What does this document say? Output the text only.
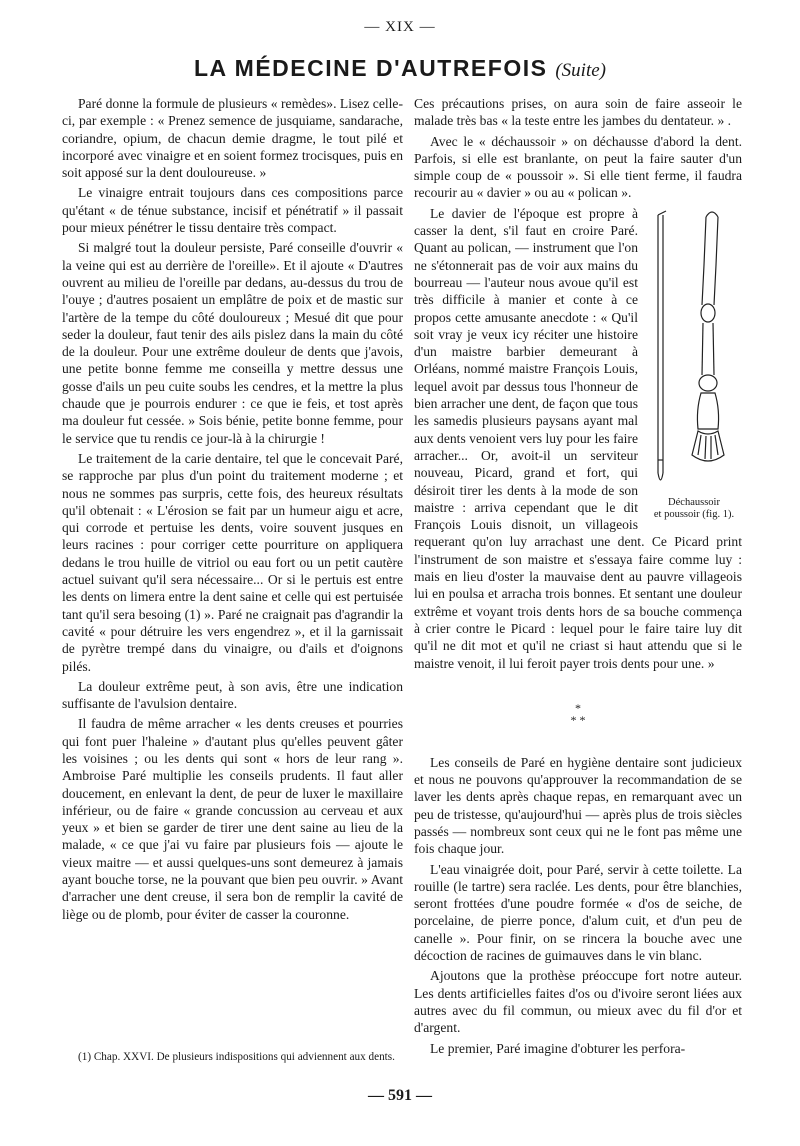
— XIX —
LA MÉDECINE D'AUTREFOIS (Suite)

Paré donne la formule de plusieurs « remèdes». Lisez celle-ci, par exemple : « Prenez semence de jusquiame, sandarache, coriandre, opium, de chacun demie dragme, le tout pilé et incorporé avec vinaigre et en soient formez trocisques, puis en soit apposé sur la dent douloureuse. »

Le vinaigre entrait toujours dans ces compositions parce qu'étant « de ténue substance, incisif et pénétratif » il passait pour mieux pénétrer le tissu dentaire très compact.

Si malgré tout la douleur persiste, Paré conseille d'ouvrir « la veine qui est au derrière de l'oreille». Et il ajoute « D'autres ouvrent au milieu de l'oreille par dedans, au-dessus du trou de l'ouye ; d'autres posaient un emplâtre de poix et de mastic sur l'artère de la tempe du côté douloureux ; Mesué dit que pour seder la douleur, faut tenir des ails pislez dans la main du côté de la douleur. Pour une extrême douleur de dents que j'avois, une petite bonne femme me conseilla y mettre dessus une gosse d'ails un peu cuite soubs les cendres, et la mettre la plus chaude que je pourrois endurer : ce que ie feis, et tost après ma douleur fut cessée. » Sois bénie, petite bonne femme, pour le service que tu rendis ce jour-là à la chirurgie !

Le traitement de la carie dentaire, tel que le concevait Paré, se rapproche par plus d'un point du traitement moderne ; et nous ne sommes pas surpris, cette fois, des heureux résultats qu'il obtenait : « L'érosion se fait par un humeur aigu et acre, qui corrode et pertuise les dents, voire souvent jusques en leurs racines : pour corriger cette pourriture on appliquera dedans le trou huille de vitriol ou eau fort ou un petit cautère actuel suivant qu'il sera nécessaire... Or si le pertuis est entre les dents on limera entre la dent saine et celle qui est pertuisée tant qu'il sera besoing (1) ». Paré ne craignait pas d'agrandir la cavité « pour détruire les vers engendrez », et il la garnissait de pyrètre trempé dans du vinaigre, ou d'ails et d'oignons pilés.

La douleur extrême peut, à son avis, être une indication suffisante de l'avulsion dentaire.

Il faudra de même arracher « les dents creuses et pourries qui font puer l'haleine » d'autant plus qu'elles peuvent gâter les voisines ; ou les dents qui sont « hors de leur rang ». Ambroise Paré multiplie les conseils prudents. Il faut aller doucement, en enlevant la dent, de peur de luxer le maxillaire inférieur, ou de faire « grande concussion au cerveau et aux yeux » et bien se garder de tirer une dent saine au lieu de la malade, « ce que j'ai vu faire par plusieurs fois — ajoute le vieux maitre — et aussi quelques-uns sont demeurez à jamais ayant bouche torse, ne la pouvant que bien peu ouvrir. » Avant d'arracher une dent creuse, il sera bon de remplir la cavité de liège ou de plomb, pour éviter de casser la couronne.

Ces précautions prises, on aura soin de faire asseoir le malade très bas « la teste entre les jambes du dentateur. » .

Avec le « déchaussoir » on déchausse d'abord la dent. Parfois, si elle est branlante, on peut la faire sauter d'un simple coup de « poussoir ». Si elle tient ferme, il faudra recourir au « davier » ou au « polican ».

Déchaussoir
et poussoir (fig. 1).

Le davier de l'époque est propre à casser la dent, s'il faut en croire Paré. Quant au polican, — instrument que l'on ne s'étonnerait pas de voir aux mains du bourreau — l'auteur nous avoue qu'il est très difficile à manier et conte à ce propos cette amusante anecdote : « Qu'il soit vray je veux icy réciter une histoire d'un maistre barbier demeurant à Orléans, nommé maistre François Louis, lequel avoit par dessus tous l'honneur de bien arracher une dent, de façon que tous les samedis plusieurs paysans ayant mal aux dents venoient vers luy pour les faire arracher... Or, avoit-il un serviteur nouveau, Picard, grand et fort, qui désiroit tirer les dents à la mode de son maistre : arriva cependant que le dit François Louis disnoit, un villageois requerant qu'on luy arrachast une dent. Ce Picard print l'instrument de son maistre et s'essaya faire comme luy : mais en lieu d'oster la mauvaise dent au pauvre villageois lui en poulsa et arracha trois bonnes. Et sentant une douleur extrême et voyant trois dents hors de sa bouche commença à crier contre le Picard : lequel pour le faire taire luy dit qu'il ne dit mot et qu'il ne criast si haut attendu que si le maistre venoit, il lui feroit payer trois dents pour une. »

*
* *

Les conseils de Paré en hygiène dentaire sont judicieux et nous ne pouvons qu'approuver la recommandation de se laver les dents après chaque repas, en remarquant avec un peu de tristesse, qu'aujourd'hui — après plus de trois siècles passés — nombreux sont ceux qui ne le font pas même une fois chaque jour.

L'eau vinaigrée doit, pour Paré, servir à cette toilette. La rouille (le tartre) sera raclée. Les dents, pour être blanchies, seront frottées d'une poudre formée « d'os de seiche, de porcelaine, de pierre ponce, d'alum cuit, et d'un peu de canelle ». Pour finir, on se rincera la bouche avec une décoction de racines de guimauves dans le vin blanc.

Ajoutons que la prothèse préoccupe fort notre auteur. Les dents artificielles faites d'os ou d'ivoire seront liées aux autres avec du fil commun, ou mieux avec du fil d'or et d'argent.

Le premier, Paré imagine d'obturer les perfora-

(1) Chap. XXVI. De plusieurs indispositions qui adviennent aux dents.

— 591 —
